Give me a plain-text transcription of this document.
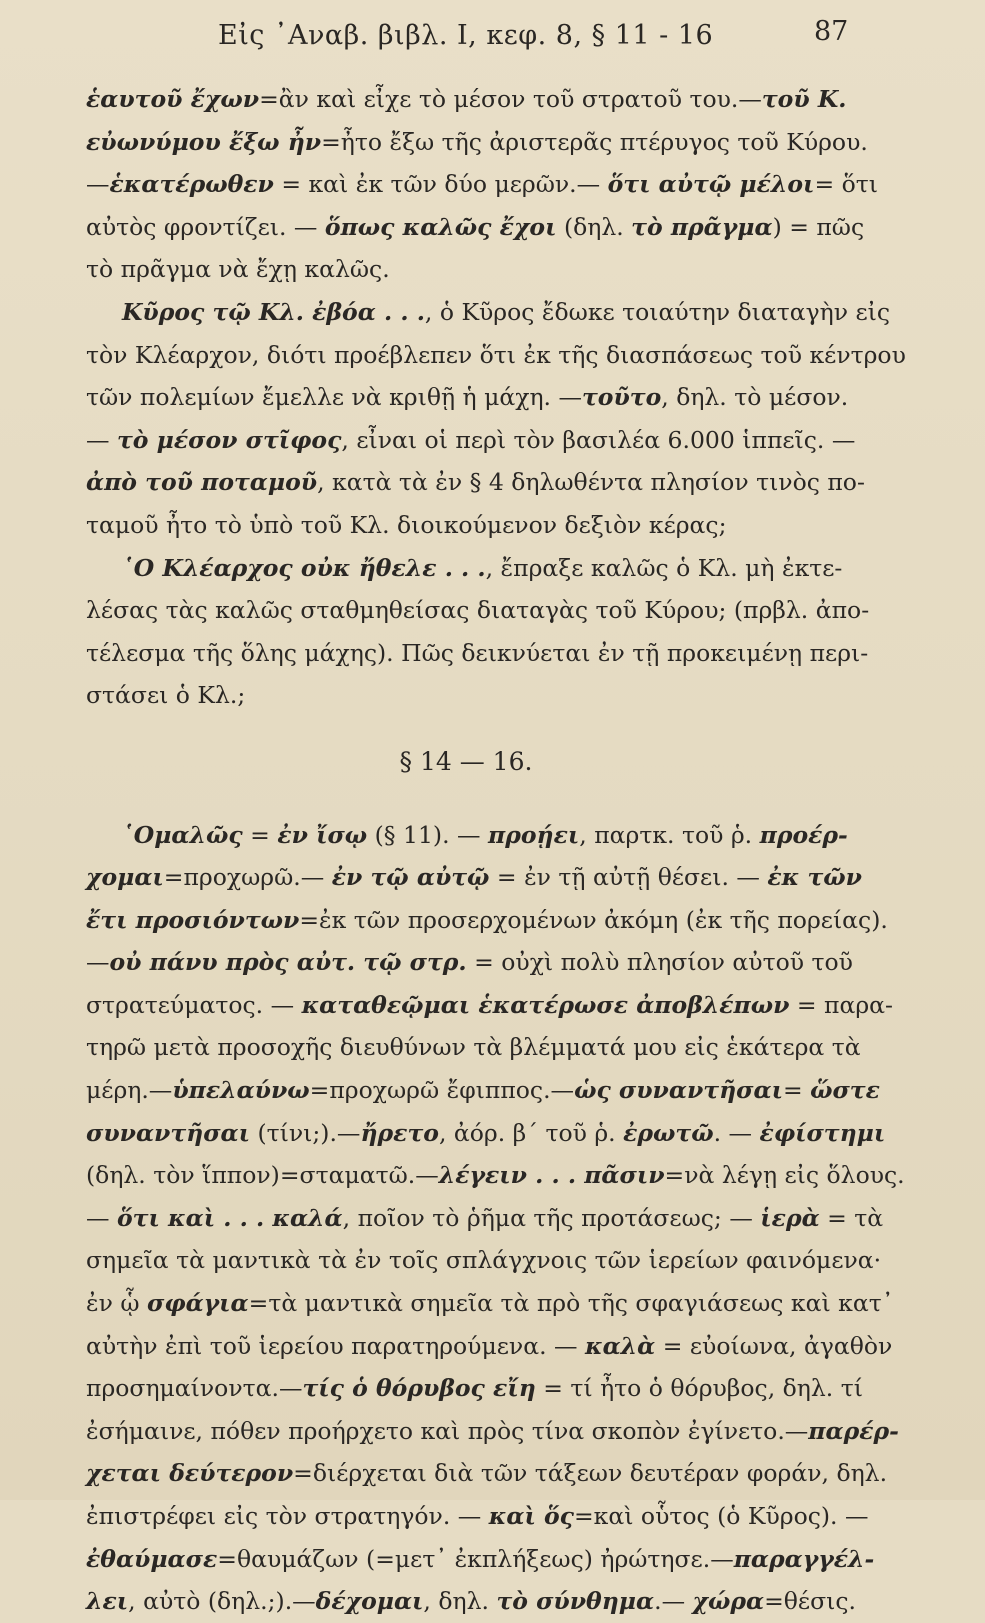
Εἰς ᾿Αναβ. βιβλ. Ι, κεφ. 8, § 11 - 16	87
ἑαυτοῦ ἔχων=ἂν καὶ εἶχε τὸ μέσον τοῦ στρατοῦ του.—τοῦ Κ.
εὐωνύμου ἔξω ἦν=ἦτο ἔξω τῆς ἀριστερᾶς πτέρυγος τοῦ Κύρου.
—ἑκατέρωθεν = καὶ ἐκ τῶν δύο μερῶν.— ὅτι αὐτῷ μέλοι= ὅτι
αὐτὸς φροντίζει. — ὅπως καλῶς ἔχοι (δηλ. τὸ πρᾶγμα) = πῶς
τὸ πρᾶγμα νὰ ἔχῃ καλῶς.
Κῦρος τῷ Κλ. ἐβόα . . ., ὁ Κῦρος ἔδωκε τοιαύτην διαταγὴν εἰς
τὸν Κλέαρχον, διότι προέβλεπεν ὅτι ἐκ τῆς διασπάσεως τοῦ κέντρου
τῶν πολεμίων ἔμελλε νὰ κριθῇ ἡ μάχη. —τοῦτο, δηλ. τὸ μέσον.
— τὸ μέσον στῖφος, εἶναι οἱ περὶ τὸν βασιλέα 6.000 ἱππεῖς. —
ἀπὸ τοῦ ποταμοῦ, κατὰ τὰ ἐν § 4 δηλωθέντα πλησίον τινὸς πο-
ταμοῦ ἦτο τὸ ὑπὸ τοῦ Κλ. διοικούμενον δεξιὸν κέρας;
῾Ο Κλέαρχος οὐκ ἤθελε . . ., ἔπραξε καλῶς ὁ Κλ. μὴ ἐκτε-
λέσας τὰς καλῶς σταθμηθείσας διαταγὰς τοῦ Κύρου; (πρβλ. ἀπο-
τέλεσμα τῆς ὅλης μάχης). Πῶς δεικνύεται ἐν τῇ προκειμένῃ περι-
στάσει ὁ Κλ.;
§ 14 — 16.
῾Ομαλῶς = ἐν ἴσῳ (§ 11). — προῄει, παρτκ. τοῦ ῥ. προέρ-
χομαι=προχωρῶ.— ἐν τῷ αὐτῷ = ἐν τῇ αὐτῇ θέσει. — ἐκ τῶν
ἔτι προσιόντων=ἐκ τῶν προσερχομένων ἀκόμη (ἐκ τῆς πορείας).
—οὐ πάνυ πρὸς αὐτ. τῷ στρ. = οὐχὶ πολὺ πλησίον αὐτοῦ τοῦ
στρατεύματος. — καταθεῷμαι ἑκατέρωσε ἀποβλέπων = παρα-
τηρῶ μετὰ προσοχῆς διευθύνων τὰ βλέμματά μου εἰς ἑκάτερα τὰ
μέρη.—ὑπελαύνω=προχωρῶ ἔφιππος.—ὡς συναντῆσαι= ὥστε
συναντῆσαι (τίνι;).—ἤρετο, ἀόρ. β΄ τοῦ ῥ. ἐρωτῶ. — ἐφίστημι
(δηλ. τὸν ἵππον)=σταματῶ.—λέγειν . . . πᾶσιν=νὰ λέγῃ εἰς ὅλους.
— ὅτι καὶ . . . καλά, ποῖον τὸ ῥῆμα τῆς προτάσεως; — ἱερὰ = τὰ
σημεῖα τὰ μαντικὰ τὰ ἐν τοῖς σπλάγχνοις τῶν ἱερείων φαινόμενα·
ἐν ᾧ σφάγια=τὰ μαντικὰ σημεῖα τὰ πρὸ τῆς σφαγιάσεως καὶ κατ᾽
αὐτὴν ἐπὶ τοῦ ἱερείου παρατηρούμενα. — καλὰ = εὐοίωνα, ἀγαθὸν
προσημαίνοντα.—τίς ὁ θόρυβος εἴη = τί ἦτο ὁ θόρυβος, δηλ. τί
ἐσήμαινε, πόθεν προήρχετο καὶ πρὸς τίνα σκοπὸν ἐγίνετο.—παρέρ-
χεται δεύτερον=διέρχεται διὰ τῶν τάξεων δευτέραν φοράν, δηλ.
ἐπιστρέφει εἰς τὸν στρατηγόν. — καὶ ὅς=καὶ οὗτος (ὁ Κῦρος). —
ἐθαύμασε=θαυμάζων (=μετ᾽ ἐκπλήξεως) ἠρώτησε.—παραγγέλ-
λει, αὐτὸ (δηλ.;).—δέχομαι, δηλ. τὸ σύνθημα.— χώρα=θέσις.
